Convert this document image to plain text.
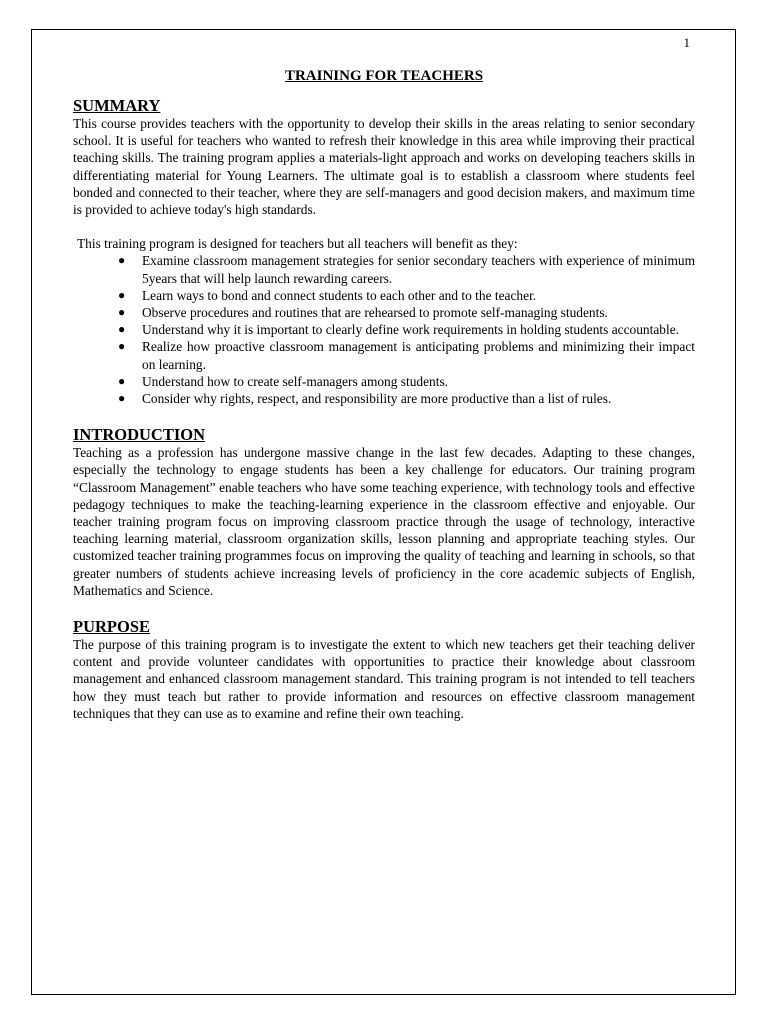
1
TRAINING FOR TEACHERS
SUMMARY

This course provides teachers with the opportunity to develop their skills in the areas relating to senior secondary school. It is useful for teachers who wanted to refresh their knowledge in this area while improving their practical teaching skills. The training program applies a materials-light approach and works on developing teachers skills in differentiating material for Young Learners. The ultimate goal is to establish a classroom where students feel bonded and connected to their teacher, where they are self-managers and good decision makers, and maximum time is provided to achieve today's high standards.

This training program is designed for teachers but all teachers will benefit as they:

● Examine classroom management strategies for senior secondary teachers with experience of minimum 5years that will help launch rewarding careers.
● Learn ways to bond and connect students to each other and to the teacher.
● Observe procedures and routines that are rehearsed to promote self-managing students.
● Understand why it is important to clearly define work requirements in holding students accountable.
● Realize how proactive classroom management is anticipating problems and minimizing their impact on learning.
● Understand how to create self-managers among students.
● Consider why rights, respect, and responsibility are more productive than a list of rules.
INTRODUCTION

Teaching as a profession has undergone massive change in the last few decades. Adapting to these changes, especially the technology to engage students has been a key challenge for educators. Our training program “Classroom Management” enable teachers who have some teaching experience, with technology tools and effective pedagogy techniques to make the teaching-learning experience in the classroom effective and enjoyable. Our teacher training program focus on improving classroom practice through the usage of technology, interactive teaching learning material, classroom organization skills, lesson planning and appropriate teaching styles. Our customized teacher training programmes focus on improving the quality of teaching and learning in schools, so that greater numbers of students achieve increasing levels of proficiency in the core academic subjects of English, Mathematics and Science.

PURPOSE

The purpose of this training program is to investigate the extent to which new teachers get their teaching deliver content and provide volunteer candidates with opportunities to practice their knowledge about classroom management and enhanced classroom management standard. This training program is not intended to tell teachers how they must teach but rather to provide information and resources on effective classroom management techniques that they can use as to examine and refine their own teaching.
